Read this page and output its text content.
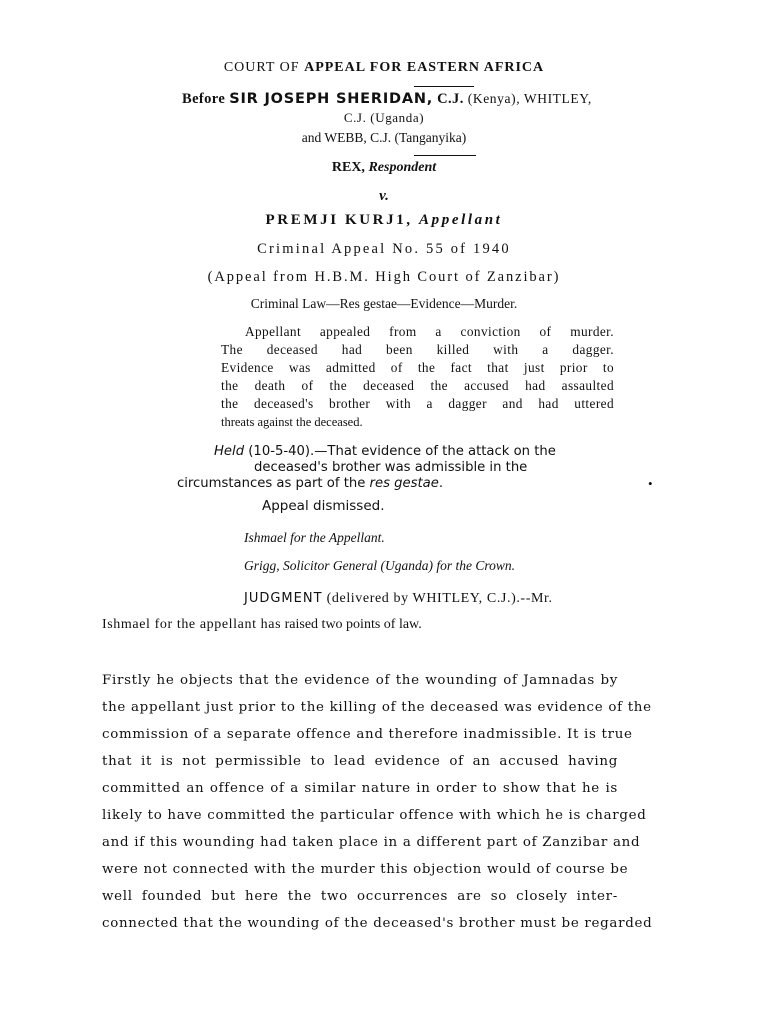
COURT OF APPEAL FOR EASTERN AFRICA
Before SIR JOSEPH SHERIDAN, C.J. (Kenya), WHITLEY,
C.J. (Uganda)
and WEBB, C.J. (Tanganyika)
REX, Respondent
v.
PREMJI KURJ1, Appellant
Criminal Appeal No. 55 of 1940
(Appeal from H.B.M. High Court of Zanzibar)
Criminal Law—Res gestae—Evidence—Murder.
Appellant appealed from a conviction of murder.
The deceased had been killed with a dagger.
Evidence was admitted of the fact that just prior to
the death of the deceased the accused had assaulted
the deceased's brother with a dagger and had uttered
threats against the deceased.
Held (10-5-40).—That evidence of the attack on the
deceased's brother was admissible in the
circumstances as part of the res gestae.	•
Appeal dismissed.
Ishmael for the Appellant.
Grigg, Solicitor General (Uganda) for the Crown.
JUDGMENT (delivered by WHITLEY, C.J.).--Mr.
Ishmael for the appellant has raised two points of law.
Firstly he objects that the evidence of the wounding of Jamnadas by
the appellant just prior to the killing of the deceased was evidence of the
commission of a separate offence and therefore inadmissible. It is true
that it is not permissible to lead evidence of an accused having
committed an offence of a similar nature in order to show that he is
likely to have committed the particular offence with which he is charged
and if this wounding had taken place in a different part of Zanzibar and
were not connected with the murder this objection would of course be
well founded but here the two occurrences are so closely inter-
connected that the wounding of the deceased's brother must be regarded
